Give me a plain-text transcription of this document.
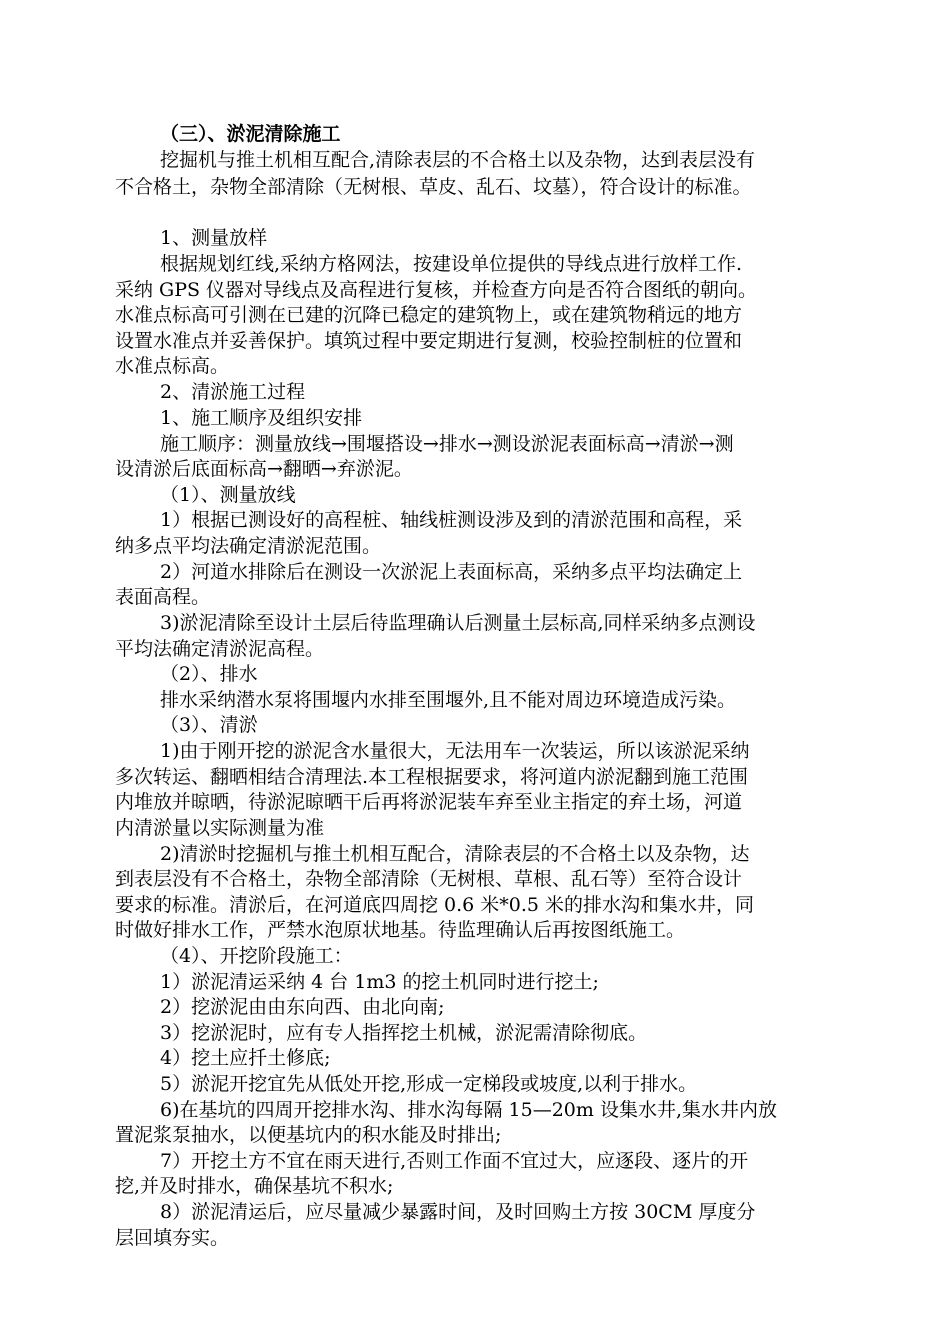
（三）、淤泥清除施工
挖掘机与推土机相互配合,清除表层的不合格土以及杂物，达到表层没有
不合格土，杂物全部清除（无树根、草皮、乱石、坟墓），符合设计的标准。
1、测量放样
根据规划红线,采纳方格网法，按建设单位提供的导线点进行放样工作.
采纳 GPS 仪器对导线点及高程进行复核，并检查方向是否符合图纸的朝向。
水准点标高可引测在已建的沉降已稳定的建筑物上，或在建筑物稍远的地方
设置水准点并妥善保护。填筑过程中要定期进行复测，校验控制桩的位置和
水准点标高。
2、清淤施工过程
1、施工顺序及组织安排
施工顺序：测量放线→围堰搭设→排水→测设淤泥表面标高→清淤→测
设清淤后底面标高→翻晒→弃淤泥。
（1）、测量放线
1）根据已测设好的高程桩、轴线桩测设涉及到的清淤范围和高程，采
纳多点平均法确定清淤泥范围。
2）河道水排除后在测设一次淤泥上表面标高，采纳多点平均法确定上
表面高程。
3)淤泥清除至设计土层后待监理确认后测量土层标高,同样采纳多点测设
平均法确定清淤泥高程。
（2）、排水
排水采纳潜水泵将围堰内水排至围堰外,且不能对周边环境造成污染。
（3）、清淤
1)由于刚开挖的淤泥含水量很大，无法用车一次装运，所以该淤泥采纳
多次转运、翻晒相结合清理法.本工程根据要求，将河道内淤泥翻到施工范围
内堆放并晾晒，待淤泥晾晒干后再将淤泥装车弃至业主指定的弃土场，河道
内清淤量以实际测量为准
2)清淤时挖掘机与推土机相互配合，清除表层的不合格土以及杂物，达
到表层没有不合格土，杂物全部清除（无树根、草根、乱石等）至符合设计
要求的标准。清淤后，在河道底四周挖 0.6 米*0.5 米的排水沟和集水井，同
时做好排水工作，严禁水泡原状地基。待监理确认后再按图纸施工。
（4）、开挖阶段施工：
1）淤泥清运采纳 4 台 1m3 的挖土机同时进行挖土;
2）挖淤泥由由东向西、由北向南;
3）挖淤泥时，应有专人指挥挖土机械，淤泥需清除彻底。
4）挖土应扦土修底;
5）淤泥开挖宜先从低处开挖,形成一定梯段或坡度,以利于排水。
6)在基坑的四周开挖排水沟、排水沟每隔 15—20m 设集水井,集水井内放
置泥浆泵抽水，以便基坑内的积水能及时排出;
7）开挖土方不宜在雨天进行,否则工作面不宜过大，应逐段、逐片的开
挖,并及时排水，确保基坑不积水;
8）淤泥清运后，应尽量减少暴露时间，及时回购土方按 30CM 厚度分
层回填夯实。
